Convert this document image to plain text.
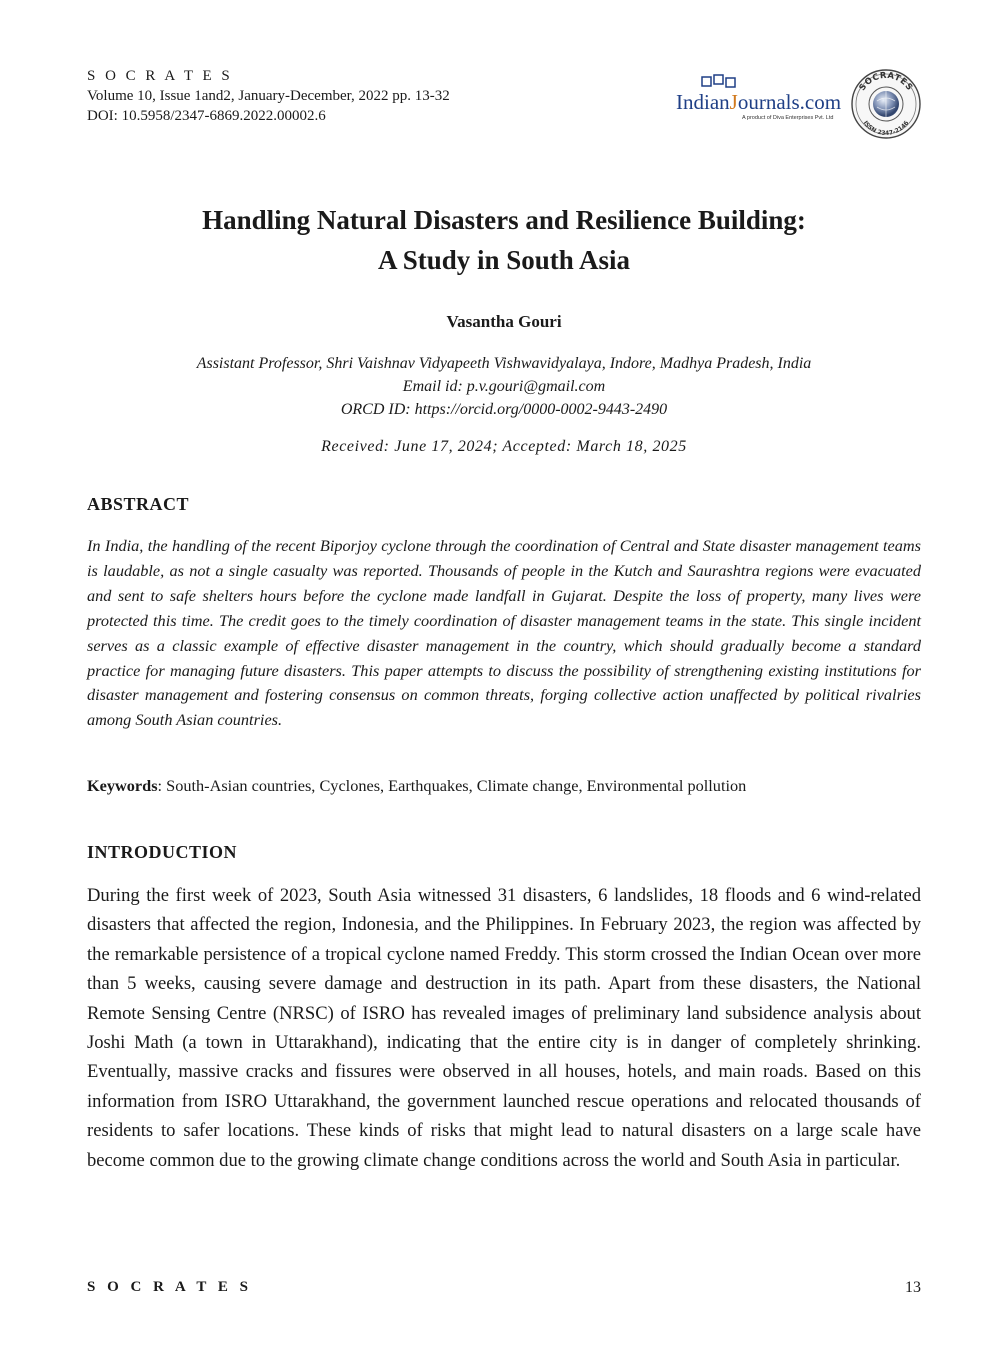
S O C R A T E S
Volume 10, Issue 1and2, January-December, 2022 pp. 13-32
DOI: 10.5958/2347-6869.2022.00002.6
IndianJournals.com
A product of Diva Enterprises Pvt. Ltd
SOCRATES
ISSN 2347-2146
Handling Natural Disasters and Resilience Building:
A Study in South Asia
Vasantha Gouri
Assistant Professor, Shri Vaishnav Vidyapeeth Vishwavidyalaya, Indore, Madhya Pradesh, India
Email id: p.v.gouri@gmail.com
ORCD ID: https://orcid.org/0000-0002-9443-2490
Received: June 17, 2024; Accepted: March 18, 2025
ABSTRACT

In India, the handling of the recent Biporjoy cyclone through the coordination of Central and State disaster management teams is laudable, as not a single casualty was reported. Thousands of people in the Kutch and Saurashtra regions were evacuated and sent to safe shelters hours before the cyclone made landfall in Gujarat. Despite the loss of property, many lives were protected this time. The credit goes to the timely coordination of disaster management teams in the state. This single incident serves as a classic example of effective disaster management in the country, which should gradually become a standard practice for managing future disasters. This paper attempts to discuss the possibility of strengthening existing institutions for disaster management and fostering consensus on common threats, forging collective action unaffected by political rivalries among South Asian countries.

Keywords: South-Asian countries, Cyclones, Earthquakes, Climate change, Environmental pollution
INTRODUCTION

During the first week of 2023, South Asia witnessed 31 disasters, 6 landslides, 18 floods and 6 wind-related disasters that affected the region, Indonesia, and the Philippines. In February 2023, the region was affected by the remarkable persistence of a tropical cyclone named Freddy. This storm crossed the Indian Ocean over more than 5 weeks, causing severe damage and destruction in its path. Apart from these disasters, the National Remote Sensing Centre (NRSC) of ISRO has revealed images of preliminary land subsidence analysis about Joshi Math (a town in Uttarakhand), indicating that the entire city is in danger of completely shrinking. Eventually, massive cracks and fissures were observed in all houses, hotels, and main roads. Based on this information from ISRO Uttarakhand, the government launched rescue operations and relocated thousands of residents to safer locations. These kinds of risks that might lead to natural disasters on a large scale have become common due to the growing climate change conditions across the world and South Asia in particular.

S O C R A T E S	13
